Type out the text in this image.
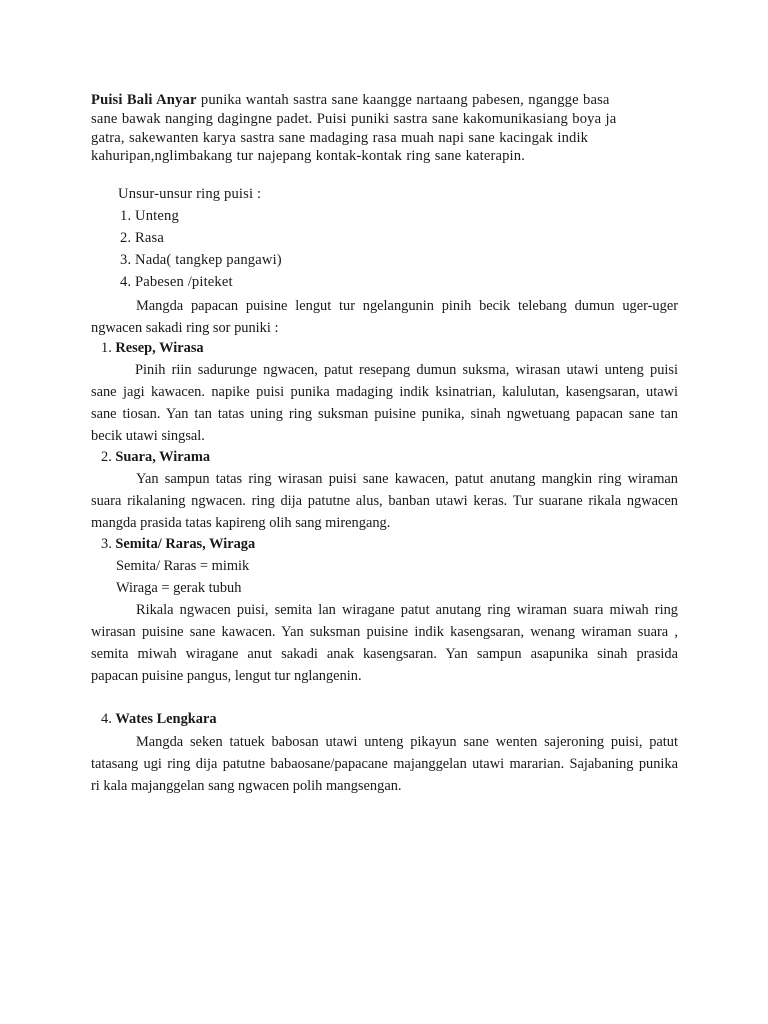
Puisi Bali Anyar punika wantah sastra sane kaangge nartaang pabesen, ngangge basa
sane bawak nanging dagingne padet. Puisi puniki sastra sane kakomunikasiang boya ja
gatra, sakewanten karya sastra sane madaging rasa muah napi sane kacingak indik
kahuripan,nglimbakang tur najepang kontak-kontak ring sane katerapin.
Unsur-unsur ring puisi :
1. Unteng
2. Rasa
3. Nada( tangkep pangawi)
4. Pabesen /piteket
Mangda papacan puisine lengut tur ngelangunin pinih becik telebang dumun uger-uger
ngwacen sakadi ring sor puniki :
1. Resep, Wirasa
Pinih riin sadurunge ngwacen, patut resepang dumun suksma, wirasan utawi unteng puisi
sane jagi kawacen. napike puisi punika madaging indik ksinatrian, kalulutan, kasengsaran, utawi
sane tiosan. Yan tan tatas uning ring suksman puisine punika, sinah ngwetuang papacan sane tan
becik utawi singsal.
2. Suara, Wirama
Yan sampun tatas ring wirasan puisi sane kawacen, patut anutang mangkin ring wiraman
suara rikalaning ngwacen. ring dija patutne alus, banban utawi keras. Tur suarane rikala ngwacen
mangda prasida tatas kapireng olih sang mirengang.
3. Semita/ Raras, Wiraga
Semita/ Raras = mimik
Wiraga = gerak tubuh
Rikala ngwacen puisi, semita lan wiragane patut anutang ring wiraman suara miwah ring
wirasan puisine sane kawacen. Yan suksman puisine indik kasengsaran, wenang wiraman suara ,
semita miwah wiragane anut sakadi anak kasengsaran. Yan sampun asapunika sinah prasida
papacan puisine pangus, lengut tur nglangenin.
4. Wates Lengkara
Mangda seken tatuek babosan utawi unteng pikayun sane wenten sajeroning puisi, patut
tatasang ugi ring dija patutne babaosane/papacane majanggelan utawi mararian. Sajabaning punika
ri kala majanggelan sang ngwacen polih mangsengan.
